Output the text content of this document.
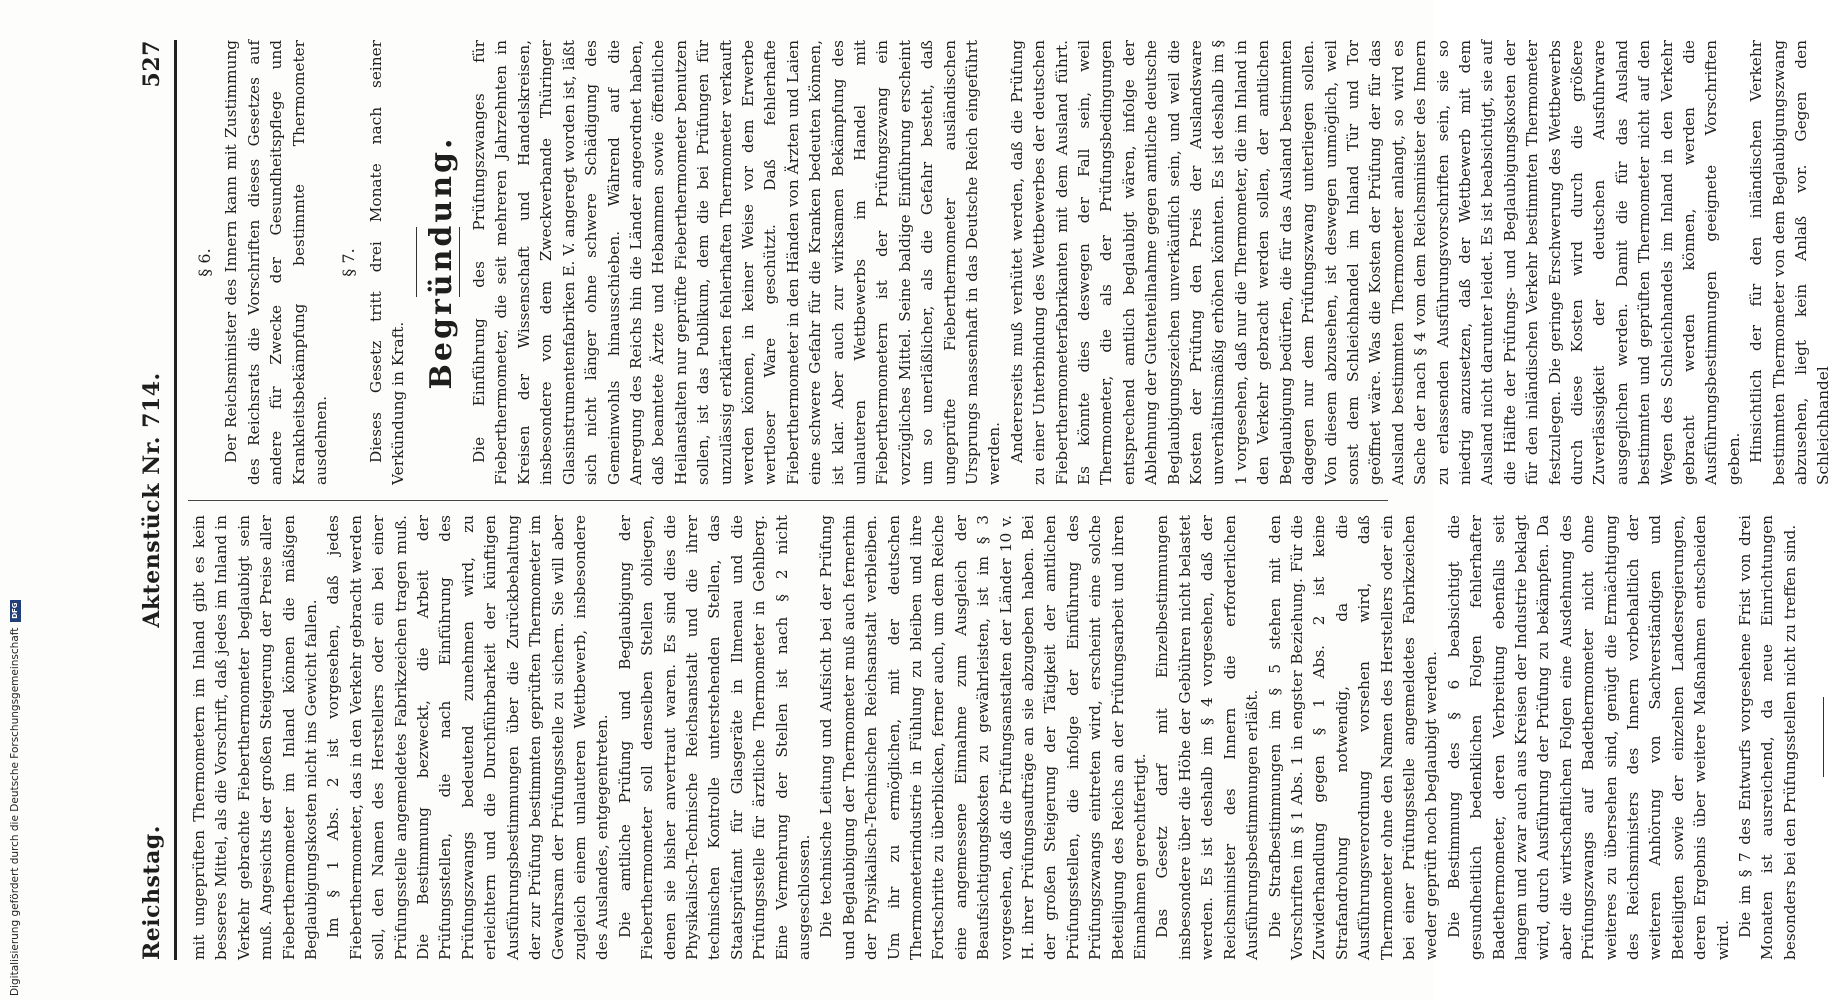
Reichstag.
Aktenstück Nr. 714.
527

mit ungeprüften Thermometern im Inland gibt es kein besseres Mittel, als die Vorschrift, daß jedes im Inland in Verkehr gebrachte Fieberthermometer beglaubigt sein muß. Angesichts der großen Steigerung der Preise aller Fieberthermometer im Inland können die mäßigen Beglaubigungskosten nicht ins Gewicht fallen. Im § 1 Abs. 2 ist vorgesehen, daß jedes Fieberthermometer, das in den Verkehr gebracht werden soll, den Namen des Herstellers oder ein bei einer Prüfungsstelle angemeldetes Fabrikzeichen tragen muß. Die Bestimmung bezweckt, die Arbeit der Prüfungsstellen, die nach Einführung des Prüfungszwangs bedeutend zunehmen wird, zu erleichtern und die Durchführbarkeit der künftigen Ausführungsbestimmungen über die Zurückbehaltung der zur Prüfung bestimmten geprüften Thermometer im Gewahrsam der Prüfungsstelle zu sichern. Sie will aber zugleich einem unlauteren Wettbewerb, insbesondere des Auslandes, entgegentreten. Die amtliche Prüfung und Beglaubigung der Fieberthermometer soll denselben Stellen obliegen, denen sie bisher anvertraut waren. Es sind dies die Physikalisch-Technische Reichsanstalt und die ihrer technischen Kontrolle unterstehenden Stellen, das Staatsprüfamt für Glasgeräte in Ilmenau und die Prüfungsstelle für ärztliche Thermometer in Gehlberg. Eine Vermehrung der Stellen ist nach § 2 nicht ausgeschlossen. Die technische Leitung und Aufsicht bei der Prüfung und Beglaubigung der Thermometer muß auch fernerhin der Physikalisch-Technischen Reichsanstalt verbleiben. Um ihr zu ermöglichen, mit der deutschen Thermometerindustrie in Fühlung zu bleiben und ihre Fortschritte zu überblicken, ferner auch, um dem Reiche eine angemessene Einnahme zum Ausgleich der Beaufsichtigungskosten zu gewährleisten, ist im § 3 vorgesehen, daß die Prüfungsanstalten der Länder 10 v. H. ihrer Prüfungsaufträge an sie abzugeben haben. Bei der großen Steigerung der Tätigkeit der amtlichen Prüfungsstellen, die infolge der Einführung des Prüfungszwangs eintreten wird, erscheint eine solche Beteiligung des Reichs an der Prüfungsarbeit und ihren Einnahmen gerechtfertigt. Das Gesetz darf mit Einzelbestimmungen insbesondere über die Höhe der Gebühren nicht belastet werden. Es ist deshalb im § 4 vorgesehen, daß der Reichsminister des Innern die erforderlichen Ausführungsbestimmungen erläßt. Die Strafbestimmungen im § 5 stehen mit den Vorschriften im § 1 Abs. 1 in engster Beziehung. Für die Zuwiderhandlung gegen § 1 Abs. 2 ist keine Strafandrohung notwendig, da die Ausführungsverordnung vorsehen wird, daß Thermometer ohne den Namen des Herstellers oder ein bei einer Prüfungsstelle angemeldetes Fabrikzeichen weder geprüft noch beglaubigt werden. Die Bestimmung des § 6 beabsichtigt die gesundheitlich bedenklichen Folgen fehlerhafter Badethermometer, deren Verbreitung ebenfalls seit langem und zwar auch aus Kreisen der Industrie beklagt wird, durch Ausführung der Prüfung zu bekämpfen. Da aber die wirtschaftlichen Folgen eine Ausdehnung des Prüfungszwangs auf Badethermometer nicht ohne weiteres zu übersehen sind, genügt die Ermächtigung des Reichsministers des Innern vorbehaltlich der weiteren Anhörung von Sachverständigen und Beteiligten sowie der einzelnen Landesregierungen, deren Ergebnis über weitere Maßnahmen entscheiden wird.

Die im § 7 des Entwurfs vorgesehene Frist von drei Monaten ist ausreichend, da neue Einrichtungen besonders bei den Prüfungsstellen nicht zu treffen sind.

§ 6. Der Reichsminister des Innern kann mit Zustimmung des Reichsrats die Vorschriften dieses Gesetzes auf andere für Zwecke der Gesundheitspflege und Krankheitsbekämpfung bestimmte Thermometer ausdehnen.

§ 7. Dieses Gesetz tritt drei Monate nach seiner Verkündung in Kraft.

Begründung. Die Einführung des Prüfungszwanges für Fieberthermometer, die seit mehreren Jahrzehnten in Kreisen der Wissenschaft und Handelskreisen, insbesondere von dem Zweckverbande Thüringer Glasinstrumentenfabriken E. V. angeregt worden ist, läßt sich nicht länger ohne schwere Schädigung des Gemeinwohls hinausschieben. Während auf die Anregung des Reichs hin die Länder angeordnet haben, daß beamtete Ärzte und Hebammen sowie öffentliche Heilanstalten nur geprüfte Fieberthermometer benutzen sollen, ist das Publikum, dem die bei Prüfungen für unzulässig erklärten fehlerhaften Thermometer verkauft werden können, in keiner Weise vor dem Erwerbe wertloser Ware geschützt. Daß fehlerhafte Fieberthermometer in den Händen von Ärzten und Laien eine schwere Gefahr für die Kranken bedeuten können, ist klar. Aber auch zur wirksamen Bekämpfung des unlauteren Wettbewerbs im Handel mit Fieberthermometern ist der Prüfungszwang ein vorzügliches Mittel. Seine baldige Einführung erscheint um so unerläßlicher, als die Gefahr besteht, daß ungeprüfte Fieberthermometer ausländischen Ursprungs massenhaft in das Deutsche Reich eingeführt werden. Andererseits muß verhütet werden, daß die Prüfung zu einer Unterbindung des Wettbewerbes der deutschen Fieberthermometerfabrikanten mit dem Ausland führt. Es könnte dies deswegen der Fall sein, weil Thermometer, die als der Prüfungsbedingungen entsprechend amtlich beglaubigt wären, infolge der Ablehnung der Gutenteilnahme gegen amtliche deutsche Beglaubigungszeichen unverkäuflich sein, und weil die Kosten der Prüfung den Preis der Auslandsware unverhältnismäßig erhöhen könnten. Es ist deshalb im § 1 vorgesehen, daß nur die Thermometer, die im Inland in den Verkehr gebracht werden sollen, der amtlichen Beglaubigung bedürfen, die für das Ausland bestimmten dagegen nur dem Prüfungszwang unterliegen sollen. Von diesem abzusehen, ist deswegen unmöglich, weil sonst dem Schleichhandel im Inland Tür und Tor geöffnet wäre. Was die Kosten der Prüfung der für das Ausland bestimmten Thermometer anlangt, so wird es Sache der nach § 4 vom dem Reichsminister des Innern zu erlassenden Ausführungsvorschriften sein, sie so niedrig anzusetzen, daß der Wettbewerb mit dem Ausland nicht darunter leidet. Es ist beabsichtigt, sie auf die Hälfte der Prüfungs- und Beglaubigungskosten der für den inländischen Verkehr bestimmten Thermometer festzulegen. Die geringe Erschwerung des Wettbewerbs durch diese Kosten wird durch die größere Zuverlässigkeit der deutschen Ausfuhrware ausgeglichen werden. Damit die für das Ausland bestimmten und geprüften Thermometer nicht auf den Wegen des Schleichhandels im Inland in den Verkehr gebracht werden können, werden die Ausführungsbestimmungen geeignete Vorschriften geben. Hinsichtlich der für den inländischen Verkehr bestimmten Thermometer von dem Beglaubigungszwang abzusehen, liegt kein Anlaß vor. Gegen den Schleichhandel

Digitalisierung gefördert durch die Deutsche Forschungsgemeinschaft
DFG
